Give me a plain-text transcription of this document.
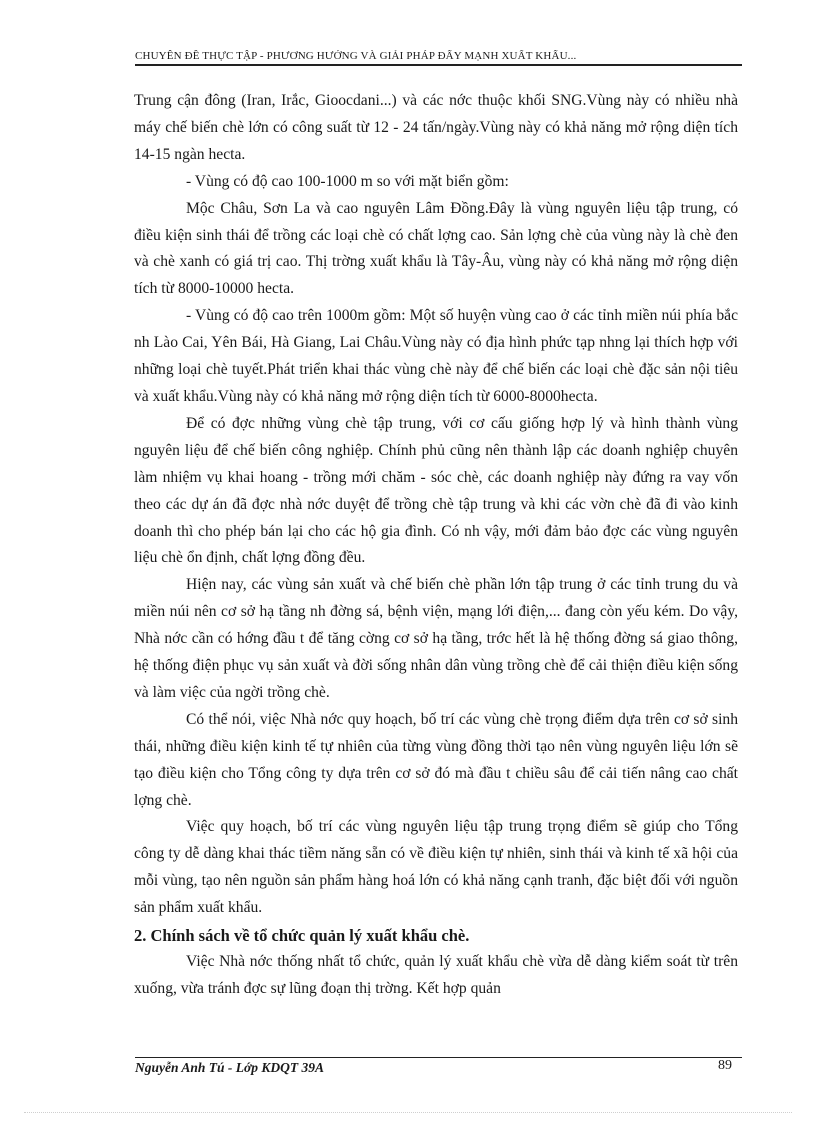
CHUYÊN ĐỀ THỰC TẬP - PHƯƠNG HƯỚNG VÀ GIẢI PHÁP ĐẨY MẠNH XUẤT KHẨU...

Trung cận đông (Iran, Irắc, Gioocdani...) và các nớc thuộc khối SNG.Vùng này có nhiều nhà máy chế biến chè lớn có công suất từ 12 - 24 tấn/ngày.Vùng này có khả năng mở rộng diện tích 14-15 ngàn hecta.

- Vùng có độ cao 100-1000 m so với mặt biển gồm:

Mộc Châu, Sơn La và cao nguyên Lâm Đồng.Đây là vùng nguyên liệu tập trung, có điều kiện sinh thái để trồng các loại chè có chất lợng cao. Sản lợng chè của vùng này là chè đen và chè xanh có giá trị cao. Thị trờng xuất khẩu là Tây-Âu, vùng này có khả năng mở rộng diện tích từ 8000-10000 hecta.

- Vùng có độ cao trên 1000m gồm: Một số huyện vùng cao ở các tỉnh miền núi phía bắc nh Lào Cai, Yên Bái, Hà Giang, Lai Châu.Vùng này có địa hình phức tạp nhng lại thích hợp với những loại chè tuyết.Phát triển khai thác vùng chè này để chế biến các loại chè đặc sản nội tiêu và xuất khẩu.Vùng này có khả năng mở rộng diện tích từ 6000-8000hecta.

Để có đợc những vùng chè tập trung, với cơ cấu giống hợp lý và hình thành vùng nguyên liệu để chế biến công nghiệp. Chính phủ cũng nên thành lập các doanh nghiệp chuyên làm nhiệm vụ khai hoang - trồng mới chăm - sóc chè, các doanh nghiệp này đứng ra vay vốn theo các dự án đã đợc nhà nớc duyệt để trồng chè tập trung và khi các vờn chè đã đi vào kinh doanh thì cho phép bán lại cho các hộ gia đình. Có nh vậy, mới đảm bảo đợc các vùng nguyên liệu chè ổn định, chất lợng đồng đều.

Hiện nay, các vùng sản xuất và chế biến chè phần lớn tập trung ở các tỉnh trung du và miền núi nên cơ sở hạ tầng nh đờng sá, bệnh viện, mạng lới điện,... đang còn yếu kém. Do vậy, Nhà nớc cần có hớng đầu t để tăng cờng cơ sở hạ tầng, trớc hết là hệ thống đờng sá giao thông, hệ thống điện phục vụ sản xuất và đời sống nhân dân vùng trồng chè để cải thiện điều kiện sống và làm việc của ngời trồng chè.

Có thể nói, việc Nhà nớc quy hoạch, bố trí các vùng chè trọng điểm dựa trên cơ sở sinh thái, những điều kiện kinh tế tự nhiên của từng vùng đồng thời tạo nên vùng nguyên liệu lớn sẽ tạo điều kiện cho Tổng công ty dựa trên cơ sở đó mà đầu t chiều sâu để cải tiến nâng cao chất lợng chè.

Việc quy hoạch, bố trí các vùng nguyên liệu tập trung trọng điểm sẽ giúp cho Tổng công ty dễ dàng khai thác tiềm năng sẵn có về điều kiện tự nhiên, sinh thái và kinh tế xã hội của mỗi vùng, tạo nên nguồn sản phẩm hàng hoá lớn có khả năng cạnh tranh, đặc biệt đối với nguồn sản phẩm xuất khẩu.

2. Chính sách về tổ chức quản lý xuất khẩu chè.

Việc Nhà nớc thống nhất tổ chức, quản lý xuất khẩu chè vừa dễ dàng kiểm soát từ trên xuống, vừa tránh đợc sự lũng đoạn thị trờng. Kết hợp quản

Nguyễn Anh Tú - Lớp KDQT 39A	89
